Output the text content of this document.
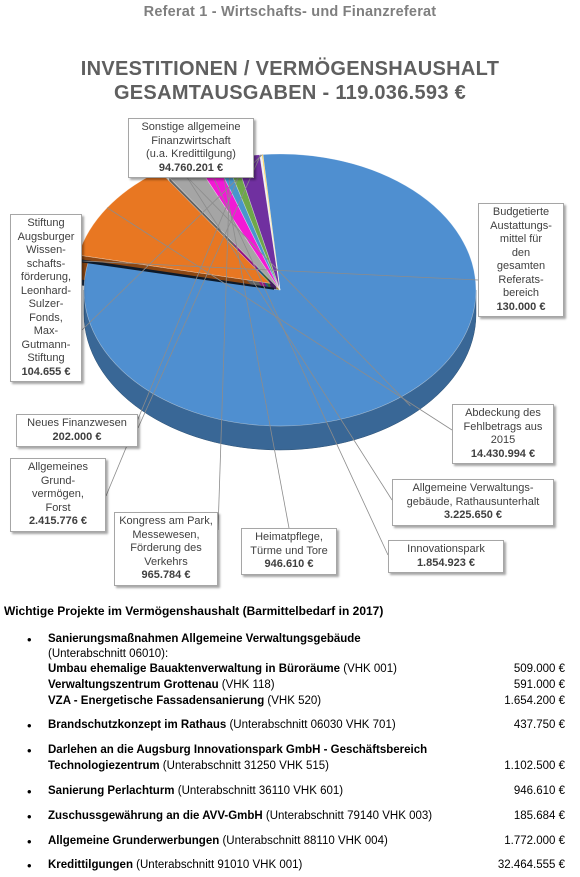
Referat 1 - Wirtschafts- und Finanzreferat
INVESTITIONEN / VERMÖGENSHAUSHALT
GESAMTAUSGABEN - 119.036.593 €
Sonstige allgemeine
Finanzwirtschaft
(u.a. Kredittilgung)
94.760.201 €
Budgetierte
Austattungs-
mittel für
den
gesamten
Referats-
bereich
130.000 €
Abdeckung des
Fehlbetrags aus
2015
14.430.994 €
Allgemeine Verwaltungs-
gebäude, Rathausunterhalt
3.225.650 €
Innovationspark
1.854.923 €
Heimatpflege,
Türme und Tore
946.610 €
Kongress am Park,
Messewesen,
Förderung des
Verkehrs
965.784 €
Allgemeines
Grund-
vermögen,
Forst
2.415.776 €
Neues Finanzwesen
202.000 €
Stiftung
Augsburger
Wissen-
schafts-
förderung,
Leonhard-
Sulzer-
Fonds,
Max-
Gutmann-
Stiftung
104.655 €
Wichtige Projekte im Vermögenshaushalt (Barmittelbedarf in 2017)
• Sanierungsmaßnahmen Allgemeine Verwaltungsgebäude
(Unterabschnitt 06010):
Umbau ehemalige Bauaktenverwaltung in Büroräume (VHK 001)	509.000 €
Verwaltungszentrum Grottenau (VHK 118)	591.000 €
VZA - Energetische Fassadensanierung (VHK 520)	1.654.200 €
• Brandschutzkonzept im Rathaus (Unterabschnitt 06030 VHK 701)	437.750 €
• Darlehen an die Augsburg Innovationspark GmbH - Geschäftsbereich
Technologiezentrum (Unterabschnitt 31250 VHK 515)	1.102.500 €
• Sanierung Perlachturm (Unterabschnitt 36110 VHK 601)	946.610 €
• Zuschussgewährung an die AVV-GmbH (Unterabschnitt 79140 VHK 003)	185.684 €
• Allgemeine Grunderwerbungen (Unterabschnitt 88110 VHK 004)	1.772.000 €
• Kredittilgungen (Unterabschnitt 91010 VHK 001)	32.464.555 €
